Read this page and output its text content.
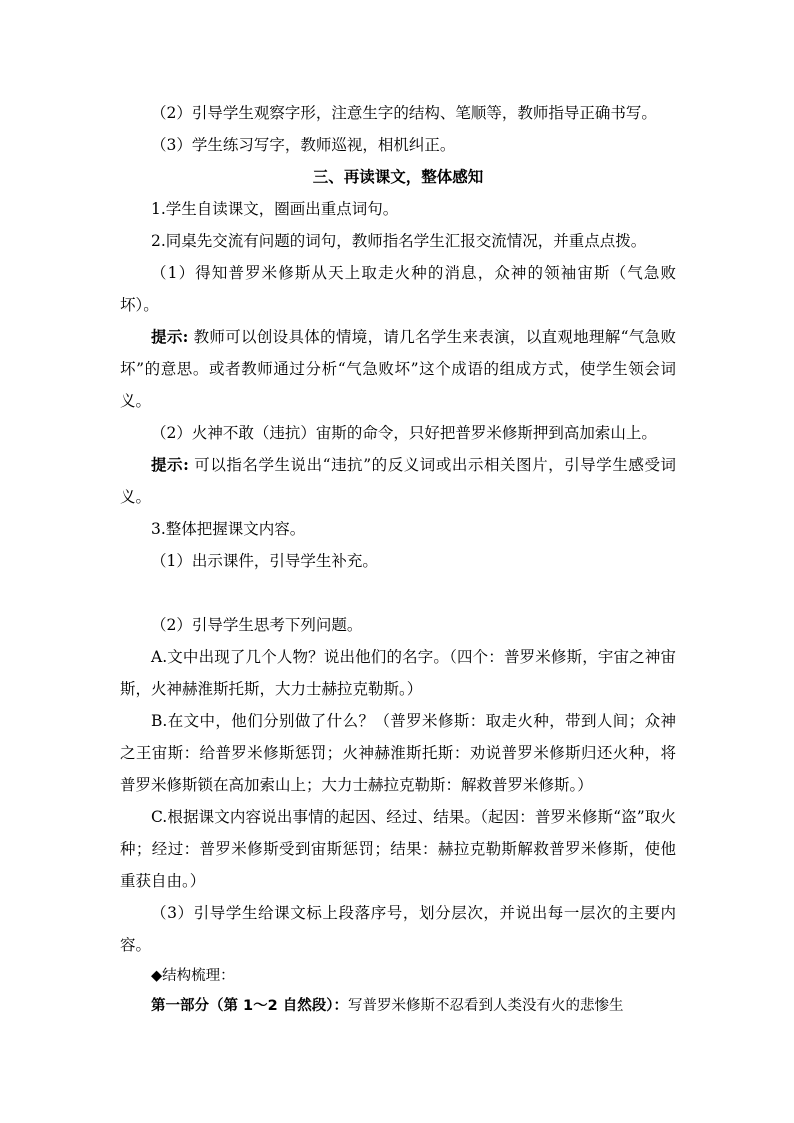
（2）引导学生观察字形，注意生字的结构、笔顺等，教师指导正确书写。

（3）学生练习写字，教师巡视，相机纠正。

三、再读课文，整体感知

1.学生自读课文，圈画出重点词句。

2.同桌先交流有问题的词句，教师指名学生汇报交流情况，并重点点拨。

（1）得知普罗米修斯从天上取走火种的消息，众神的领袖宙斯（气急败坏）。

提示: 教师可以创设具体的情境，请几名学生来表演，以直观地理解“气急败坏”的意思。或者教师通过分析“气急败坏”这个成语的组成方式，使学生领会词义。

（2）火神不敢（违抗）宙斯的命令，只好把普罗米修斯押到高加索山上。

提示: 可以指名学生说出“违抗”的反义词或出示相关图片，引导学生感受词义。

3.整体把握课文内容。

（1）出示课件，引导学生补充。

（2）引导学生思考下列问题。

A.文中出现了几个人物？说出他们的名字。（四个：普罗米修斯，宇宙之神宙斯，火神赫淮斯托斯，大力士赫拉克勒斯。）

B.在文中，他们分别做了什么？（普罗米修斯：取走火种，带到人间；众神之王宙斯：给普罗米修斯惩罚；火神赫淮斯托斯：劝说普罗米修斯归还火种，将普罗米修斯锁在高加索山上；大力士赫拉克勒斯：解救普罗米修斯。）

C.根据课文内容说出事情的起因、经过、结果。（起因：普罗米修斯“盗”取火种；经过：普罗米修斯受到宙斯惩罚；结果：赫拉克勒斯解救普罗米修斯，使他重获自由。）

（3）引导学生给课文标上段落序号，划分层次，并说出每一层次的主要内容。

◆结构梳理：

第一部分（第 1～2 自然段）：写普罗米修斯不忍看到人类没有火的悲惨生
